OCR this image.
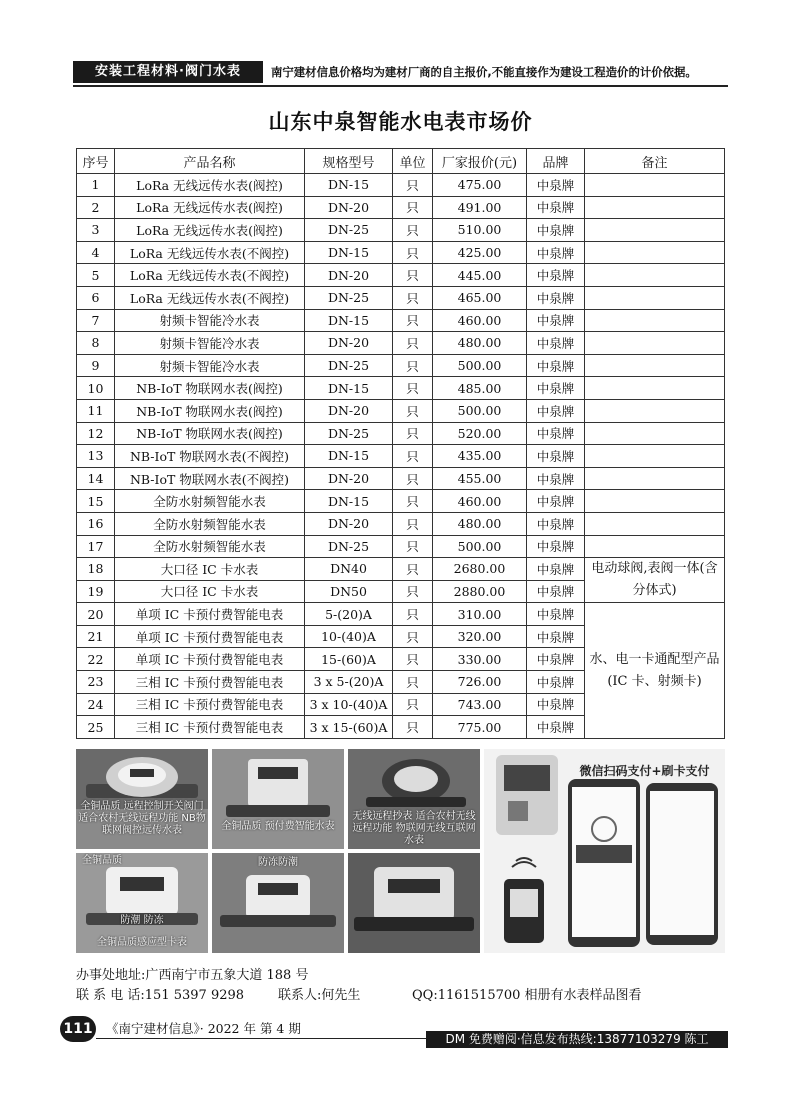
安装工程材料·阀门水表	南宁建材信息价格均为建材厂商的自主报价,不能直接作为建设工程造价的计价依据。
山东中泉智能水电表市场价
序号	产品名称	规格型号	单位	厂家报价(元)	品牌	备注
1	LoRa 无线远传水表(阀控)	DN-15	只	475.00	中泉牌	
2	LoRa 无线远传水表(阀控)	DN-20	只	491.00	中泉牌	
3	LoRa 无线远传水表(阀控)	DN-25	只	510.00	中泉牌	
4	LoRa 无线远传水表(不阀控)	DN-15	只	425.00	中泉牌	
5	LoRa 无线远传水表(不阀控)	DN-20	只	445.00	中泉牌	
6	LoRa 无线远传水表(不阀控)	DN-25	只	465.00	中泉牌	
7	射频卡智能冷水表	DN-15	只	460.00	中泉牌	
8	射频卡智能冷水表	DN-20	只	480.00	中泉牌	
9	射频卡智能冷水表	DN-25	只	500.00	中泉牌	
10	NB-IoT 物联网水表(阀控)	DN-15	只	485.00	中泉牌	
11	NB-IoT 物联网水表(阀控)	DN-20	只	500.00	中泉牌	
12	NB-IoT 物联网水表(阀控)	DN-25	只	520.00	中泉牌	
13	NB-IoT 物联网水表(不阀控)	DN-15	只	435.00	中泉牌	
14	NB-IoT 物联网水表(不阀控)	DN-20	只	455.00	中泉牌	
15	全防水射频智能水表	DN-15	只	460.00	中泉牌	
16	全防水射频智能水表	DN-20	只	480.00	中泉牌	
17	全防水射频智能水表	DN-25	只	500.00	中泉牌	
18	大口径 IC 卡水表	DN40	只	2680.00	中泉牌	电动球阀,表阀一体(含分体式)
19	大口径 IC 卡水表	DN50	只	2880.00	中泉牌	
20	单项 IC 卡预付费智能电表	5-(20)A	只	310.00	中泉牌	水、电一卡通配型产品(IC 卡、射频卡)
21	单项 IC 卡预付费智能电表	10-(40)A	只	320.00	中泉牌	
22	单项 IC 卡预付费智能电表	15-(60)A	只	330.00	中泉牌	
23	三相 IC 卡预付费智能电表	3 x 5-(20)A	只	726.00	中泉牌	
24	三相 IC 卡预付费智能电表	3 x 10-(40)A	只	743.00	中泉牌	
25	三相 IC 卡预付费智能电表	3 x 15-(60)A	只	775.00	中泉牌	
全铜品质 远程控制开关阀门 适合农村无线远程功能 NB物联网阀控远传水表	全铜品质 预付费智能水表
无线远程抄表 适合农村无线远程功能 物联网无线互联网水表
全铜品质
防潮 防冻
全铜品质感应型卡表
防冻防潮
微信扫码支付+刷卡支付
办事处地址:广西南宁市五象大道 188 号
联 系 电 话:151 5397 9298	联系人:何先生	QQ:1161515700 相册有水表样品图看
111 《南宁建材信息》· 2022 年 第 4 期
DM 免费赠阅·信息发布热线:13877103279 陈工
